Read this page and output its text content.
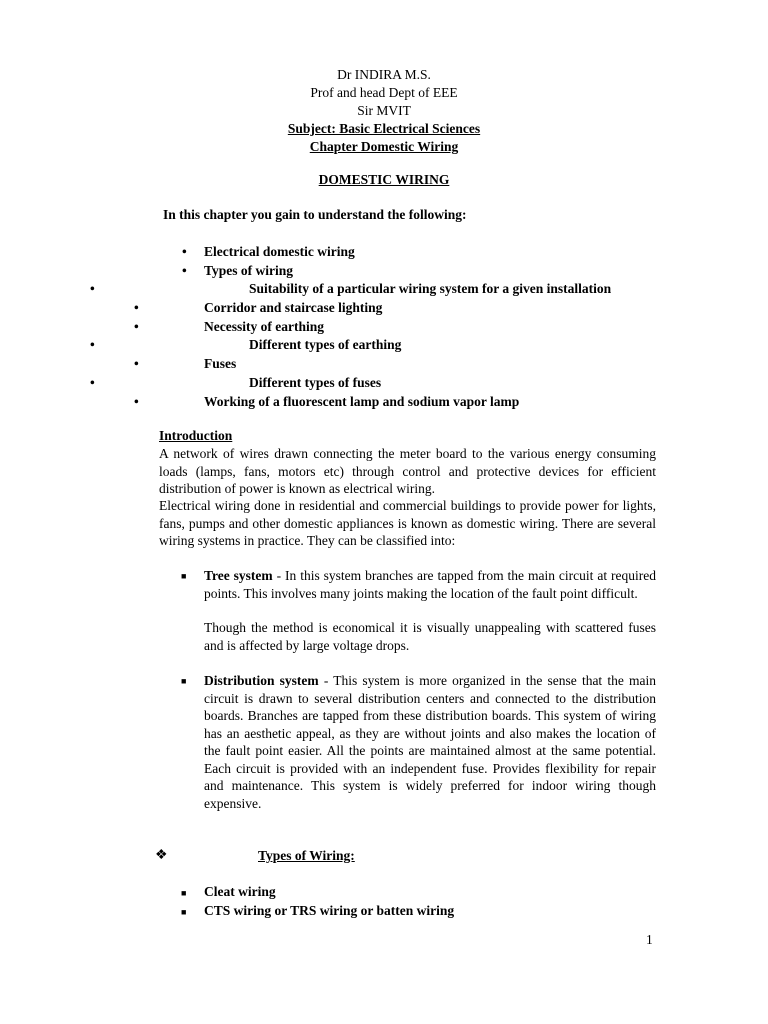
Dr INDIRA M.S.
Prof and head Dept of EEE
Sir MVIT
Subject: Basic Electrical Sciences
Chapter Domestic Wiring
DOMESTIC WIRING
In this chapter you gain to understand the following:
• Electrical domestic wiring
• Types of wiring
•	Suitability of a particular wiring system for a given installation
•	Corridor and staircase lighting
•	Necessity of earthing
•	Different types of earthing
•	Fuses
•	Different types of fuses
•	Working of a fluorescent lamp and sodium vapor lamp
Introduction
A network of wires drawn connecting the meter board to the various energy consuming loads (lamps, fans, motors etc) through control and protective devices for efficient distribution of power is known as electrical wiring.
Electrical wiring done in residential and commercial buildings to provide power for lights, fans, pumps and other domestic appliances is known as domestic wiring. There are several wiring systems in practice. They can be classified into:
■ Tree system - In this system branches are tapped from the main circuit at required points. This involves many joints making the location of the fault point difficult.
Though the method is economical it is visually unappealing with scattered fuses and is affected by large voltage drops.
■ Distribution system - This system is more organized in the sense that the main circuit is drawn to several distribution centers and connected to the distribution boards. Branches are tapped from these distribution boards. This system of wiring has an aesthetic appeal, as they are without joints and also makes the location of the fault point easier. All the points are maintained almost at the same potential. Each circuit is provided with an independent fuse. Provides flexibility for repair and maintenance. This system is widely preferred for indoor wiring though expensive.
❖	Types of Wiring:
■ Cleat wiring
■ CTS wiring or TRS wiring or batten wiring
1
